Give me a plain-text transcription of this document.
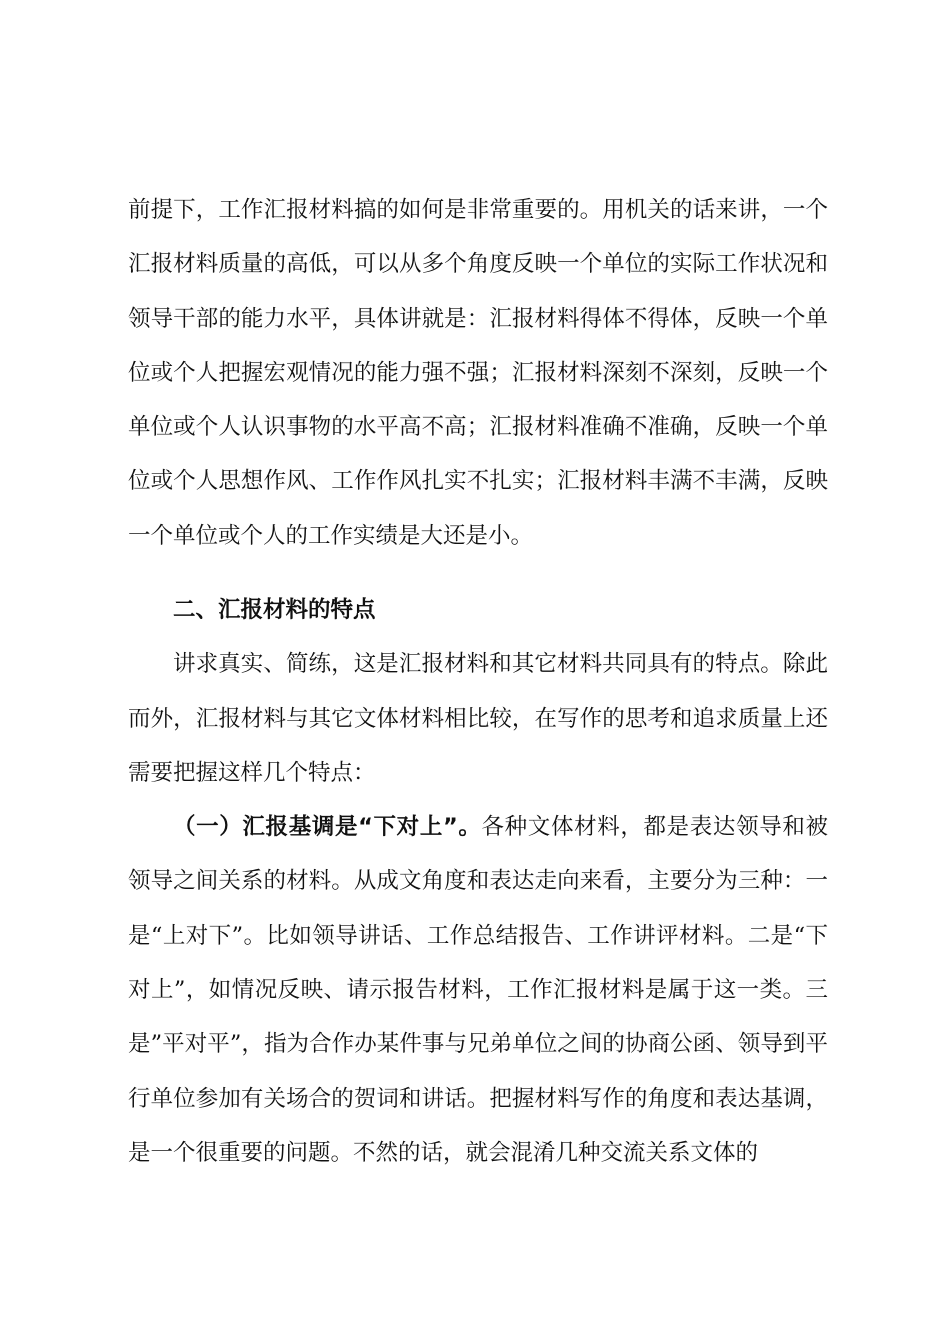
前提下，工作汇报材料搞的如何是非常重要的。用机关的话来讲，一个汇报材料质量的高低，可以从多个角度反映一个单位的实际工作状况和领导干部的能力水平，具体讲就是：汇报材料得体不得体，反映一个单位或个人把握宏观情况的能力强不强；汇报材料深刻不深刻，反映一个单位或个人认识事物的水平高不高；汇报材料准确不准确，反映一个单位或个人思想作风、工作作风扎实不扎实；汇报材料丰满不丰满，反映一个单位或个人的工作实绩是大还是小。

二、汇报材料的特点

讲求真实、简练，这是汇报材料和其它材料共同具有的特点。除此而外，汇报材料与其它文体材料相比较，在写作的思考和追求质量上还需要把握这样几个特点：

（一）汇报基调是“下对上”。各种文体材料，都是表达领导和被领导之间关系的材料。从成文角度和表达走向来看，主要分为三种：一是“上对下”。比如领导讲话、工作总结报告、工作讲评材料。二是“下对上”，如情况反映、请示报告材料，工作汇报材料是属于这一类。三是”平对平”，指为合作办某件事与兄弟单位之间的协商公函、领导到平行单位参加有关场合的贺词和讲话。把握材料写作的角度和表达基调，是一个很重要的问题。不然的话，就会混淆几种交流关系文体的
